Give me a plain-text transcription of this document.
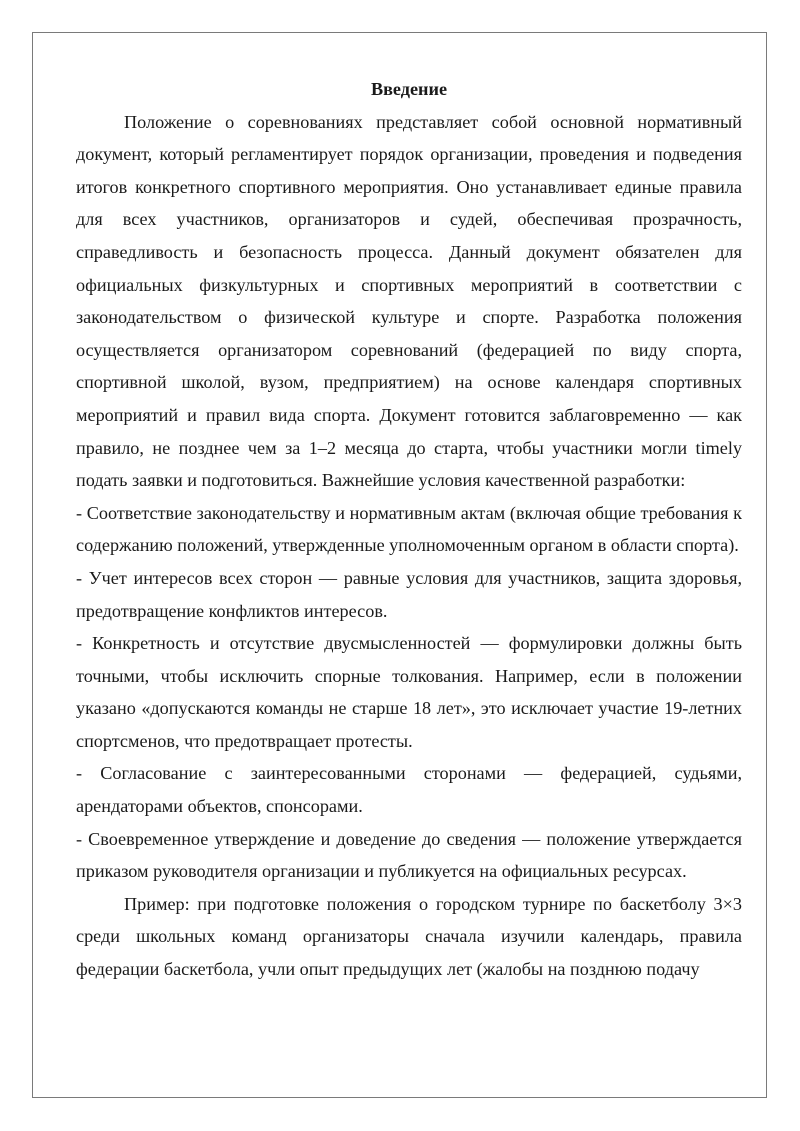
Введение

Положение о соревнованиях представляет собой основной нормативный документ, который регламентирует порядок организации, проведения и подведения итогов конкретного спортивного мероприятия. Оно устанавливает единые правила для всех участников, организаторов и судей, обеспечивая прозрачность, справедливость и безопасность процесса. Данный документ обязателен для официальных физкультурных и спортивных мероприятий в соответствии с законодательством о физической культуре и спорте. Разработка положения осуществляется организатором соревнований (федерацией по виду спорта, спортивной школой, вузом, предприятием) на основе календаря спортивных мероприятий и правил вида спорта. Документ готовится заблаговременно — как правило, не позднее чем за 1–2 месяца до старта, чтобы участники могли timely подать заявки и подготовиться. Важнейшие условия качественной разработки:

- Соответствие законодательству и нормативным актам (включая общие требования к содержанию положений, утвержденные уполномоченным органом в области спорта).

- Учет интересов всех сторон — равные условия для участников, защита здоровья, предотвращение конфликтов интересов.

- Конкретность и отсутствие двусмысленностей — формулировки должны быть точными, чтобы исключить спорные толкования. Например, если в положении указано «допускаются команды не старше 18 лет», это исключает участие 19-летних спортсменов, что предотвращает протесты.

- Согласование с заинтересованными сторонами — федерацией, судьями, арендаторами объектов, спонсорами.

- Своевременное утверждение и доведение до сведения — положение утверждается приказом руководителя организации и публикуется на официальных ресурсах.

Пример: при подготовке положения о городском турнире по баскетболу 3×3 среди школьных команд организаторы сначала изучили календарь, правила федерации баскетбола, учли опыт предыдущих лет (жалобы на позднюю подачу
